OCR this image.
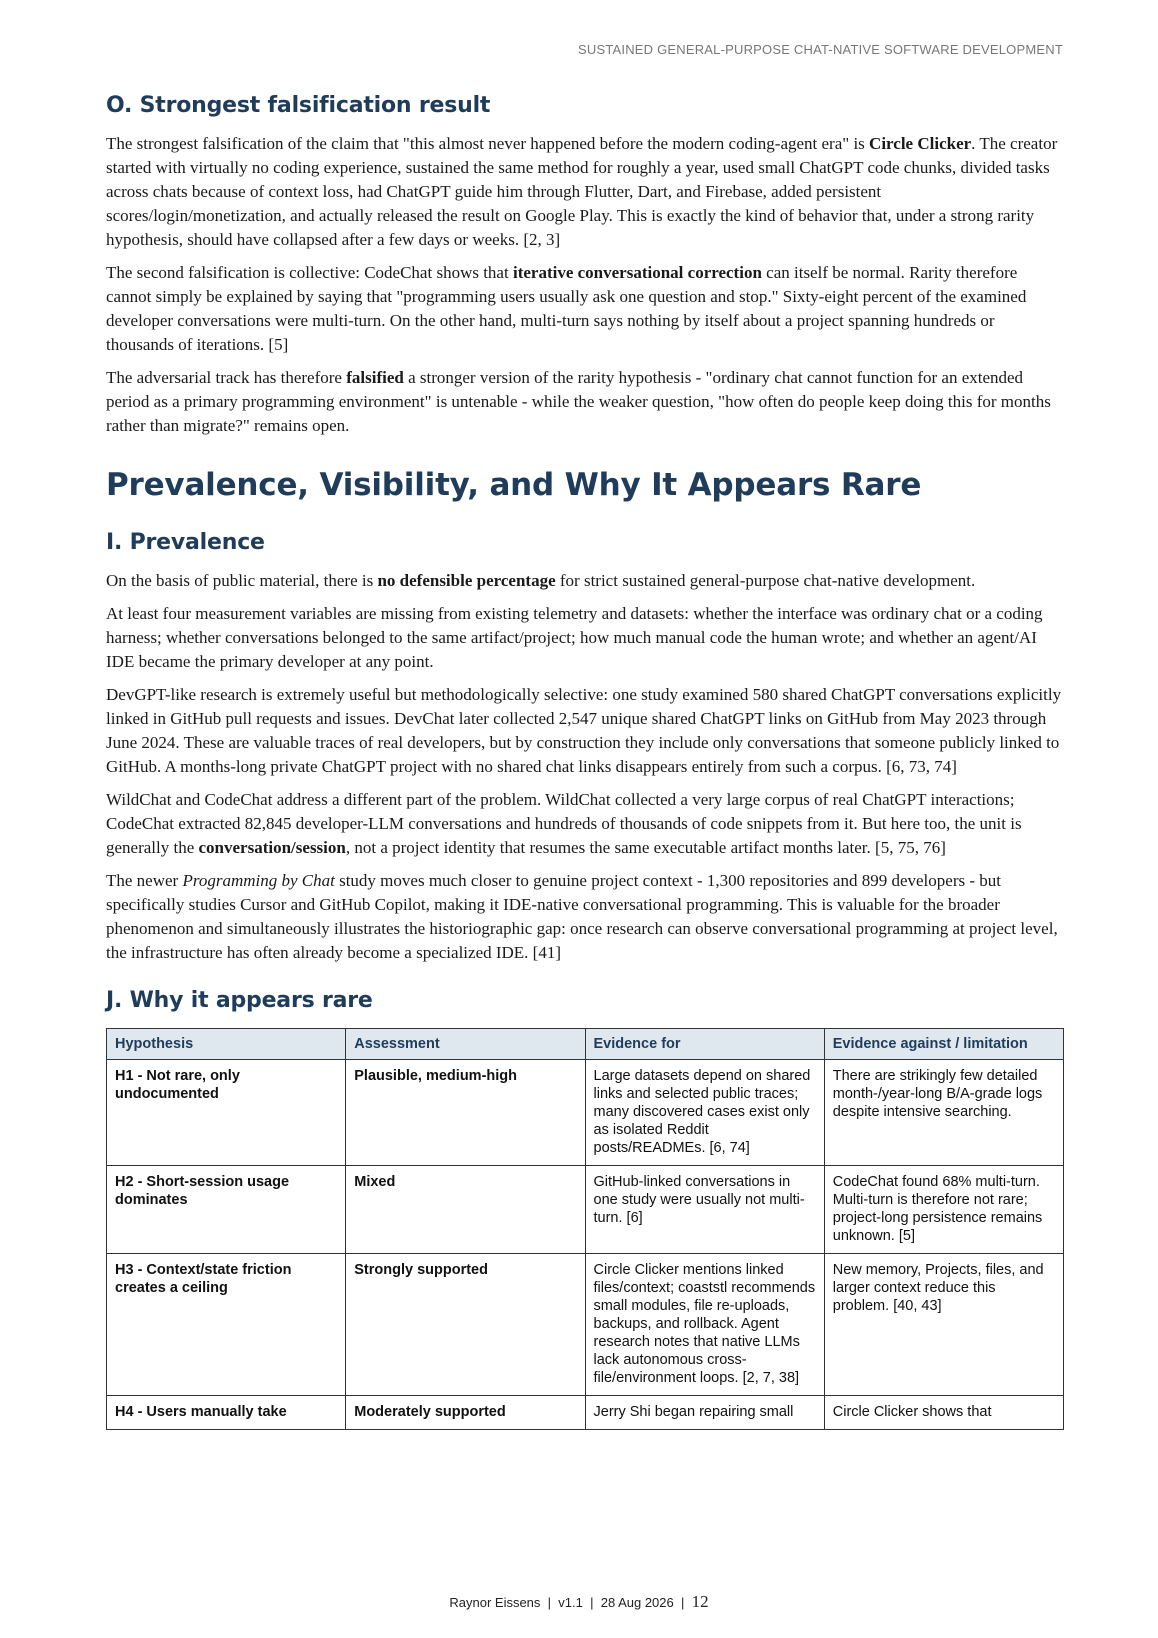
SUSTAINED GENERAL-PURPOSE CHAT-NATIVE SOFTWARE DEVELOPMENT
O. Strongest falsification result

The strongest falsification of the claim that "this almost never happened before the modern coding-agent era" is Circle Clicker. The creator started with virtually no coding experience, sustained the same method for roughly a year, used small ChatGPT code chunks, divided tasks across chats because of context loss, had ChatGPT guide him through Flutter, Dart, and Firebase, added persistent scores/login/monetization, and actually released the result on Google Play. This is exactly the kind of behavior that, under a strong rarity hypothesis, should have collapsed after a few days or weeks. [2, 3]

The second falsification is collective: CodeChat shows that iterative conversational correction can itself be normal. Rarity therefore cannot simply be explained by saying that "programming users usually ask one question and stop." Sixty-eight percent of the examined developer conversations were multi-turn. On the other hand, multi-turn says nothing by itself about a project spanning hundreds or thousands of iterations. [5]

The adversarial track has therefore falsified a stronger version of the rarity hypothesis - "ordinary chat cannot function for an extended period as a primary programming environment" is untenable - while the weaker question, "how often do people keep doing this for months rather than migrate?" remains open.

Prevalence, Visibility, and Why It Appears Rare
I. Prevalence

On the basis of public material, there is no defensible percentage for strict sustained general-purpose chat-native development.

At least four measurement variables are missing from existing telemetry and datasets: whether the interface was ordinary chat or a coding harness; whether conversations belonged to the same artifact/project; how much manual code the human wrote; and whether an agent/AI IDE became the primary developer at any point.

DevGPT-like research is extremely useful but methodologically selective: one study examined 580 shared ChatGPT conversations explicitly linked in GitHub pull requests and issues. DevChat later collected 2,547 unique shared ChatGPT links on GitHub from May 2023 through June 2024. These are valuable traces of real developers, but by construction they include only conversations that someone publicly linked to GitHub. A months-long private ChatGPT project with no shared chat links disappears entirely from such a corpus. [6, 73, 74]

WildChat and CodeChat address a different part of the problem. WildChat collected a very large corpus of real ChatGPT interactions; CodeChat extracted 82,845 developer-LLM conversations and hundreds of thousands of code snippets from it. But here too, the unit is generally the conversation/session, not a project identity that resumes the same executable artifact months later. [5, 75, 76]

The newer Programming by Chat study moves much closer to genuine project context - 1,300 repositories and 899 developers - but specifically studies Cursor and GitHub Copilot, making it IDE-native conversational programming. This is valuable for the broader phenomenon and simultaneously illustrates the historiographic gap: once research can observe conversational programming at project level, the infrastructure has often already become a specialized IDE. [41]

J. Why it appears rare
Hypothesis	Assessment	Evidence for	Evidence against / limitation
H1 - Not rare, only undocumented	Plausible, medium-high	Large datasets depend on shared links and selected public traces; many discovered cases exist only as isolated Reddit posts/READMEs. [6, 74]	There are strikingly few detailed month-/year-long B/A-grade logs despite intensive searching.
H2 - Short-session usage dominates	Mixed	GitHub-linked conversations in one study were usually not multi-turn. [6]	CodeChat found 68% multi-turn. Multi-turn is therefore not rare; project-long persistence remains unknown. [5]
H3 - Context/state friction creates a ceiling	Strongly supported	Circle Clicker mentions linked files/context; coaststl recommends small modules, file re-uploads, backups, and rollback. Agent research notes that native LLMs lack autonomous cross-file/environment loops. [2, 7, 38]	New memory, Projects, files, and larger context reduce this problem. [40, 43]
H4 - Users manually take	Moderately supported	Jerry Shi began repairing small	Circle Clicker shows that
Raynor Eissens | v1.1 | 28 Aug 2026 | 12
